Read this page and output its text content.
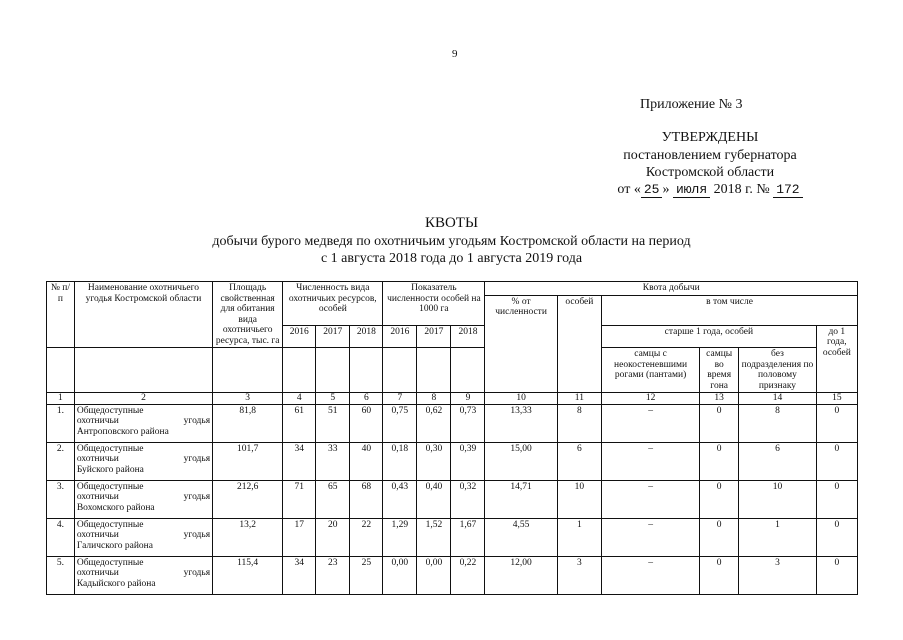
9
Приложение № 3
УТВЕРЖДЕНЫ
постановлением губернатора
Костромской области
от « 25 » июля 2018 г. № 172
КВОТЫ
добычи бурого медведя по охотничьим угодьям Костромской области на период
с 1 августа 2018 года до 1 августа 2019 года
№ п/п	Наименование охотничьего угодья Костромской области	Площадь свойственная для обитания вида охотничьего ресурса, тыс. га	Численность вида охотничьих ресурсов, особей			Показатель численности особей на 1000 га			Квота добычи					
									% от численности	особей	в том числе			
			2016	2017	2018	2016	2017	2018			старше 1 года, особей			до 1 года, особей
											самцы с неокостеневшими рогами (пантами)	самцы во время гона	без подразделения по половому признаку	
1	2	3	4	5	6	7	8	9	10	11	12	13	14	15
1.	Общедоступные
охотничьи угодья
Антроповского района	81,8	61	51	60	0,75	0,62	0,73	13,33	8	–	0	8	0
2.	Общедоступные
охотничьи угодья
Буйского района	101,7	34	33	40	0,18	0,30	0,39	15,00	6	–	0	6	0
3.	Общедоступные
охотничьи угодья
Вохомского района	212,6	71	65	68	0,43	0,40	0,32	14,71	10	–	0	10	0
4.	Общедоступные
охотничьи угодья
Галичского района	13,2	17	20	22	1,29	1,52	1,67	4,55	1	–	0	1	0
5.	Общедоступные
охотничьи угодья
Кадыйского района	115,4	34	23	25	0,00	0,00	0,22	12,00	3	–	0	3	0
